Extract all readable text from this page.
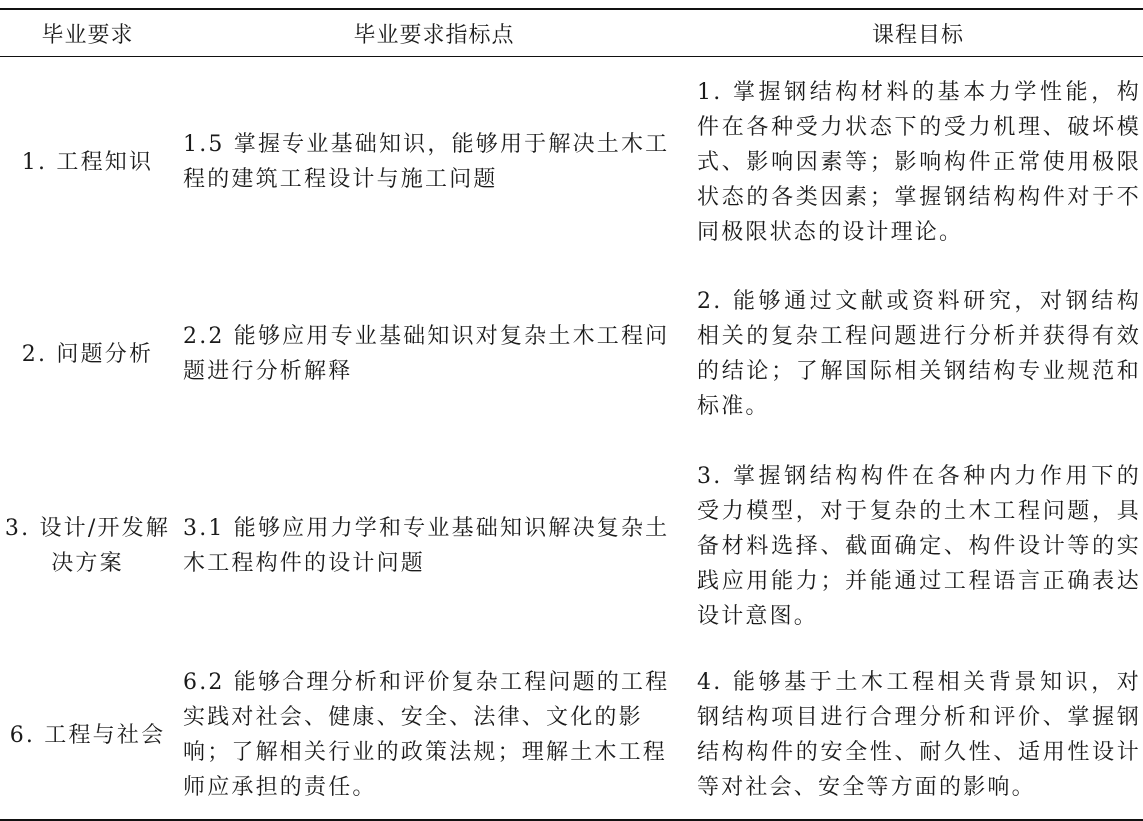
毕业要求	毕业要求指标点	课程目标
1. 工程知识	1.5 掌握专业基础知识，能够用于解决土木工程的建筑工程设计与施工问题	1. 掌握钢结构材料的基本力学性能，构件在各种受力状态下的受力机理、破坏模式、影响因素等；影响构件正常使用极限状态的各类因素；掌握钢结构构件对于不同极限状态的设计理论。
2. 问题分析	2.2 能够应用专业基础知识对复杂土木工程问题进行分析解释	2. 能够通过文献或资料研究，对钢结构相关的复杂工程问题进行分析并获得有效的结论；了解国际相关钢结构专业规范和标准。
3. 设计/开发解决方案	3.1 能够应用力学和专业基础知识解决复杂土木工程构件的设计问题	3. 掌握钢结构构件在各种内力作用下的受力模型，对于复杂的土木工程问题，具备材料选择、截面确定、构件设计等的实践应用能力；并能通过工程语言正确表达设计意图。
6. 工程与社会	6.2 能够合理分析和评价复杂工程问题的工程实践对社会、健康、安全、法律、文化的影响；了解相关行业的政策法规；理解土木工程师应承担的责任。	4. 能够基于土木工程相关背景知识，对钢结构项目进行合理分析和评价、掌握钢结构构件的安全性、耐久性、适用性设计等对社会、安全等方面的影响。
